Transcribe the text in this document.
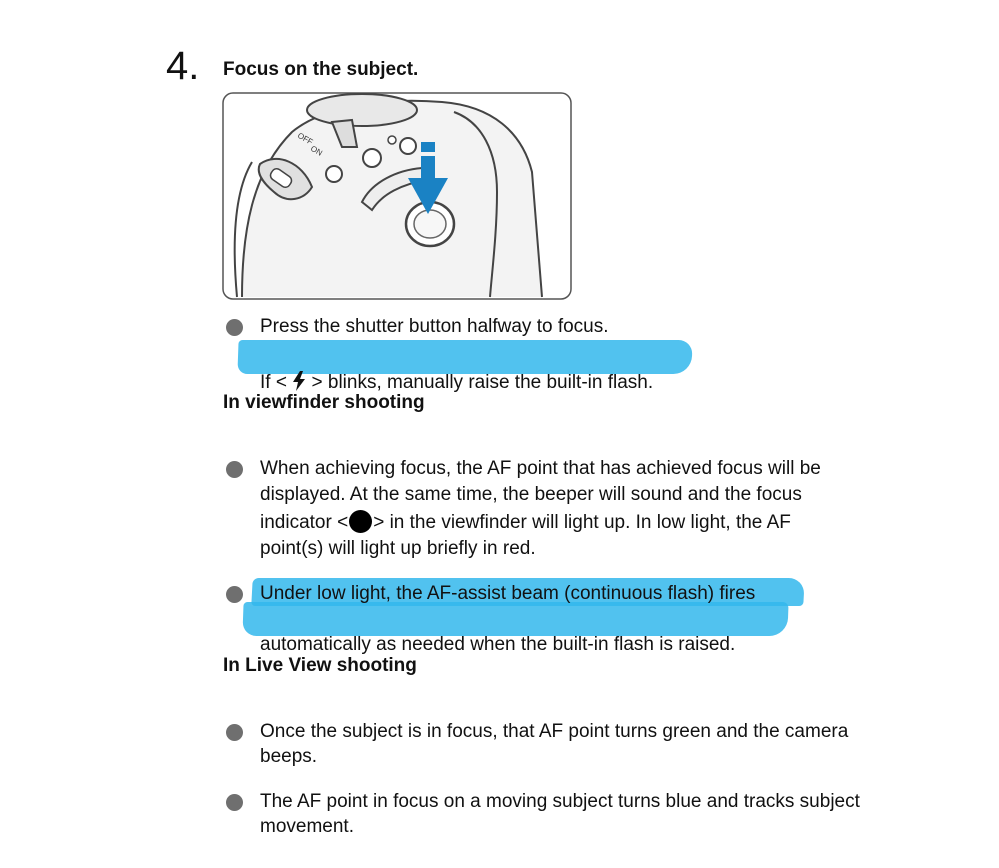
4. Focus on the subject.
OFF
ON
Press the shutter button halfway to focus.
If < > blinks, manually raise the built-in flash.
In viewfinder shooting
When achieving focus, the AF point that has achieved focus will be
displayed. At the same time, the beeper will sound and the focus
indicator < > in the viewfinder will light up. In low light, the AF
point(s) will light up briefly in red.
Under low light, the AF-assist beam (continuous flash) fires
automatically as needed when the built-in flash is raised.
In Live View shooting
Once the subject is in focus, that AF point turns green and the camera
beeps.
The AF point in focus on a moving subject turns blue and tracks subject
movement.
